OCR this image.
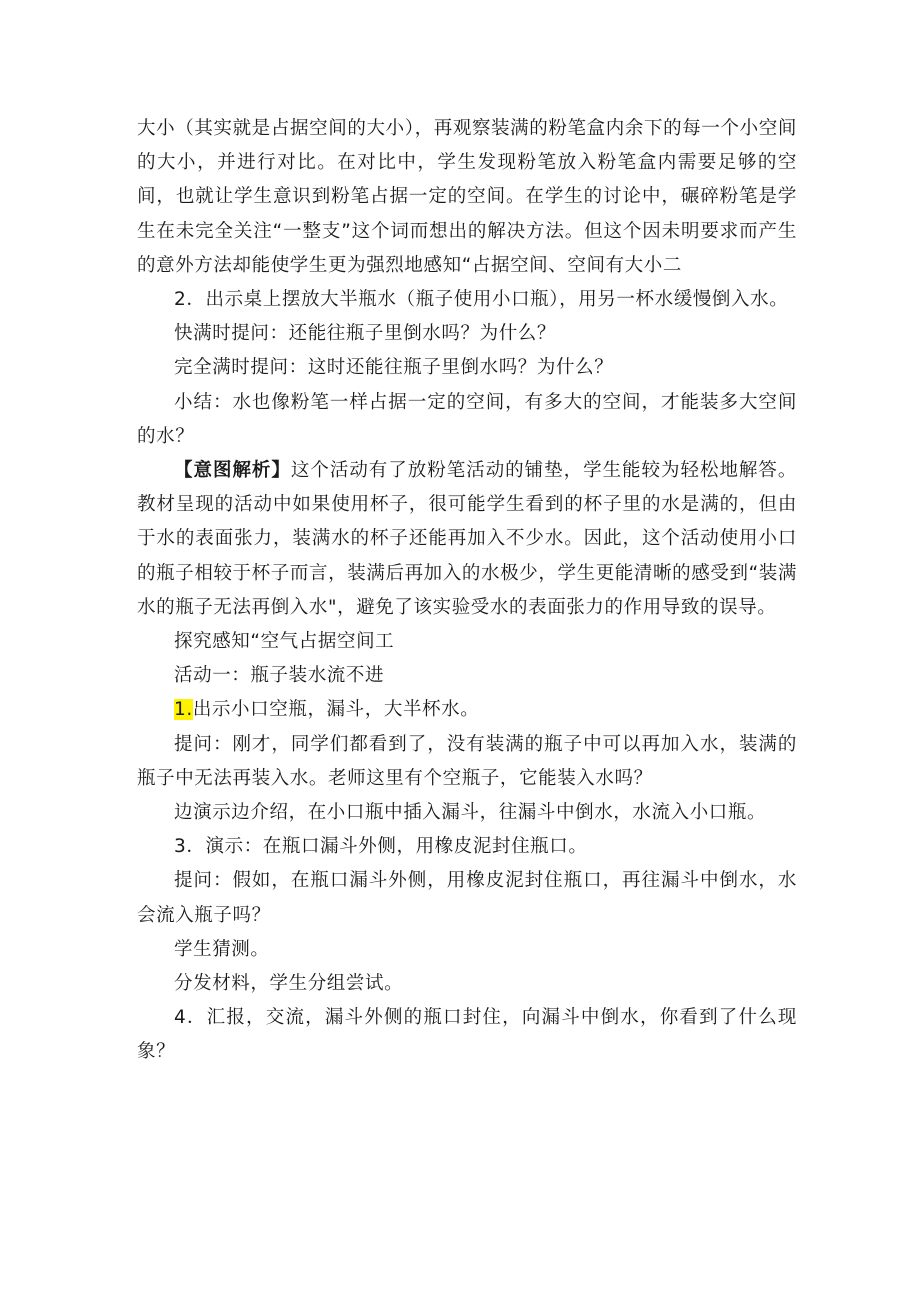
大小（其实就是占据空间的大小），再观察装满的粉笔盒内余下的每一个小空间的大小，并进行对比。在对比中，学生发现粉笔放入粉笔盒内需要足够的空间，也就让学生意识到粉笔占据一定的空间。在学生的讨论中，碾碎粉笔是学生在未完全关注“一整支”这个词而想出的解决方法。但这个因未明要求而产生的意外方法却能使学生更为强烈地感知“占据空间、空间有大小二

2．出示桌上摆放大半瓶水（瓶子使用小口瓶），用另一杯水缓慢倒入水。

快满时提问：还能往瓶子里倒水吗？为什么？

完全满时提问：这时还能往瓶子里倒水吗？为什么？

小结：水也像粉笔一样占据一定的空间，有多大的空间，才能装多大空间的水？

【意图解析】这个活动有了放粉笔活动的铺垫，学生能较为轻松地解答。教材呈现的活动中如果使用杯子，很可能学生看到的杯子里的水是满的，但由于水的表面张力，装满水的杯子还能再加入不少水。因此，这个活动使用小口的瓶子相较于杯子而言，装满后再加入的水极少，学生更能清晰的感受到“装满水的瓶子无法再倒入水"，避免了该实验受水的表面张力的作用导致的误导。

探究感知“空气占据空间工

活动一：瓶子装水流不进

1.出示小口空瓶，漏斗，大半杯水。

提问：刚才，同学们都看到了，没有装满的瓶子中可以再加入水，装满的瓶子中无法再装入水。老师这里有个空瓶子，它能装入水吗？

边演示边介绍，在小口瓶中插入漏斗，往漏斗中倒水，水流入小口瓶。

3．演示：在瓶口漏斗外侧，用橡皮泥封住瓶口。

提问：假如，在瓶口漏斗外侧，用橡皮泥封住瓶口，再往漏斗中倒水，水会流入瓶子吗？

学生猜测。

分发材料，学生分组尝试。

4．汇报，交流，漏斗外侧的瓶口封住，向漏斗中倒水，你看到了什么现象？
